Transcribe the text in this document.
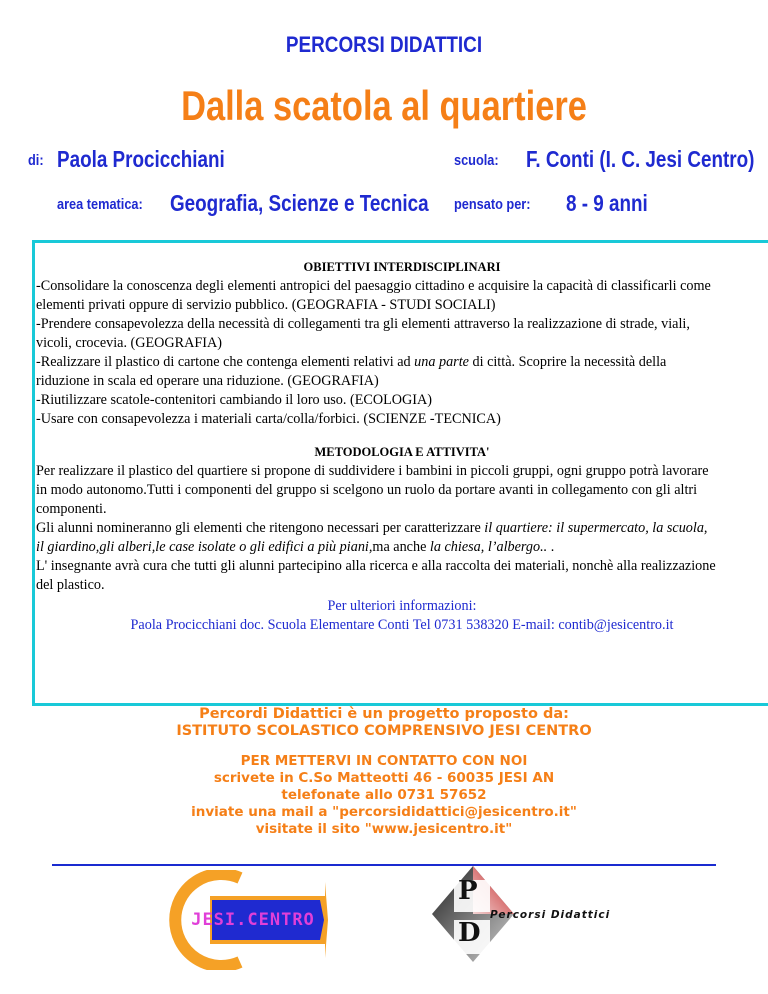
PERCORSI DIDATTICI
Dalla scatola al quartiere
di: Paola Procicchiani	scuola: F. Conti (I. C. Jesi Centro)
area tematica: Geografia, Scienze e Tecnica pensato per: 8 - 9 anni

OBIETTIVI INTERDISCIPLINARI

-Consolidare la conoscenza degli elementi antropici del paesaggio cittadino e acquisire la capacità di classificarli come

elementi privati oppure di servizio pubblico. (GEOGRAFIA - STUDI SOCIALI)

-Prendere consapevolezza della necessità di collegamenti tra gli elementi attraverso la realizzazione di strade, viali,

vicoli, crocevia. (GEOGRAFIA)

-Realizzare il plastico di cartone che contenga elementi relativi ad una parte di città. Scoprire la necessità della

riduzione in scala ed operare una riduzione. (GEOGRAFIA)

-Riutilizzare scatole-contenitori cambiando il loro uso. (ECOLOGIA)

-Usare con consapevolezza i materiali carta/colla/forbici. (SCIENZE -TECNICA)

METODOLOGIA E ATTIVITA'

Per realizzare il plastico del quartiere si propone di suddividere i bambini in piccoli gruppi, ogni gruppo potrà lavorare

in modo autonomo.Tutti i componenti del gruppo si scelgono un ruolo da portare avanti in collegamento con gli altri

componenti.

Gli alunni nomineranno gli elementi che ritengono necessari per caratterizzare il quartiere: il supermercato, la scuola,

il giardino,gli alberi,le case isolate o gli edifici a più piani,ma anche la chiesa, l’albergo.. .

L' insegnante avrà cura che tutti gli alunni partecipino alla ricerca e alla raccolta dei materiali, nonchè alla realizzazione

del plastico.

Per ulteriori informazioni:

Paola Procicchiani doc. Scuola Elementare Conti Tel 0731 538320 E-mail: contib@jesicentro.it

Percordi Didattici è un progetto proposto da:
ISTITUTO SCOLASTICO COMPRENSIVO JESI CENTRO
PER METTERVI IN CONTATTO CON NOI
scrivete in C.So Matteotti 46 - 60035 JESI AN
telefonate allo 0731 57652
inviate una mail a "percorsididattici@jesicentro.it"
visitate il sito "www.jesicentro.it"
JESI.CENTRO
P
D
Percorsi Didattici
